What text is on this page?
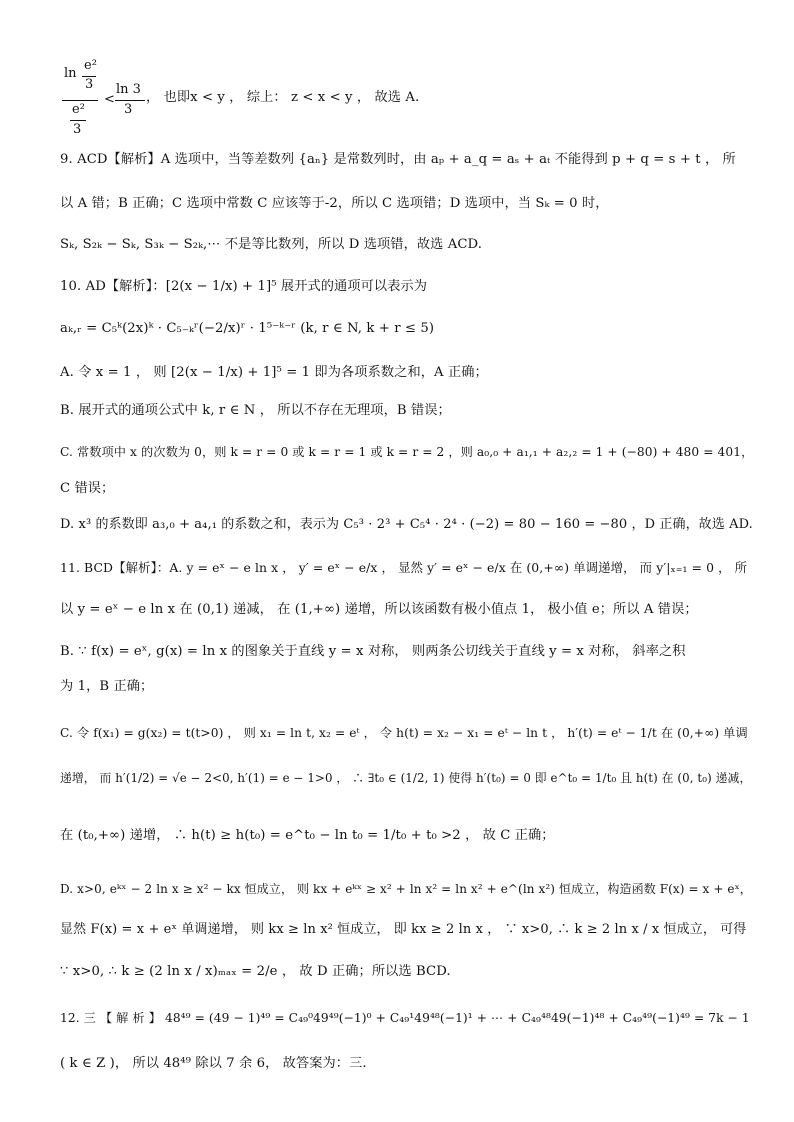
ln
e²
3
e²
3
<
ln 3
3
， 也即x < y ， 综上： z < x < y ， 故选 A.
9. ACD【解析】A 选项中，当等差数列 {aₙ} 是常数列时，由 aₚ + a_q = aₛ + aₜ 不能得到 p + q = s + t ， 所
以 A 错；B 正确；C 选项中常数 C 应该等于-2，所以 C 选项错；D 选项中，当 Sₖ = 0 时，
Sₖ, S₂ₖ − Sₖ, S₃ₖ − S₂ₖ,⋯ 不是等比数列，所以 D 选项错，故选 ACD.
10. AD【解析】：[2(x − 1/x) + 1]⁵ 展开式的通项可以表示为
aₖ,ᵣ = C₅ᵏ(2x)ᵏ · C₅₋ₖʳ(−2/x)ʳ · 1⁵⁻ᵏ⁻ʳ (k, r ∈ N, k + r ≤ 5)
A. 令 x = 1 ， 则 [2(x − 1/x) + 1]⁵ = 1 即为各项系数之和，A 正确；
B. 展开式的通项公式中 k, r ∈ N ， 所以不存在无理项，B 错误；
C. 常数项中 x 的次数为 0，则 k = r = 0 或 k = r = 1 或 k = r = 2 ，则 a₀,₀ + a₁,₁ + a₂,₂ = 1 + (−80) + 480 = 401，
C 错误；
D. x³ 的系数即 a₃,₀ + a₄,₁ 的系数之和，表示为 C₅³ · 2³ + C₅⁴ · 2⁴ · (−2) = 80 − 160 = −80 ，D 正确，故选 AD.
11. BCD【解析】：A. y = eˣ − e ln x ， y′ = eˣ − e/x ， 显然 y′ = eˣ − e/x 在 (0,+∞) 单调递增， 而 y′|ₓ₌₁ = 0 ， 所
以 y = eˣ − e ln x 在 (0,1) 递减， 在 (1,+∞) 递增，所以该函数有极小值点 1， 极小值 e；所以 A 错误；
B. ∵ f(x) = eˣ, g(x) = ln x 的图象关于直线 y = x 对称， 则两条公切线关于直线 y = x 对称， 斜率之积
为 1，B 正确；
C. 令 f(x₁) = g(x₂) = t(t>0) ， 则 x₁ = ln t, x₂ = eᵗ ， 令 h(t) = x₂ − x₁ = eᵗ − ln t ， h′(t) = eᵗ − 1/t 在 (0,+∞) 单调
递增， 而 h′(1/2) = √e − 2<0, h′(1) = e − 1>0 ， ∴ ∃t₀ ∈ (1/2, 1) 使得 h′(t₀) = 0 即 e^t₀ = 1/t₀ 且 h(t) 在 (0, t₀) 递减，
在 (t₀,+∞) 递增， ∴ h(t) ≥ h(t₀) = e^t₀ − ln t₀ = 1/t₀ + t₀ >2 ， 故 C 正确；
D. x>0, eᵏˣ − 2 ln x ≥ x² − kx 恒成立， 则 kx + eᵏˣ ≥ x² + ln x² = ln x² + e^(ln x²) 恒成立，构造函数 F(x) = x + eˣ，
显然 F(x) = x + eˣ 单调递增， 则 kx ≥ ln x² 恒成立， 即 kx ≥ 2 ln x ， ∵ x>0, ∴ k ≥ 2 ln x / x 恒成立， 可得
∵ x>0, ∴ k ≥ (2 ln x / x)ₘₐₓ = 2/e ， 故 D 正确；所以选 BCD.
12. 三 【 解 析 】 48⁴⁹ = (49 − 1)⁴⁹ = C₄₉⁰49⁴⁹(−1)⁰ + C₄₉¹49⁴⁸(−1)¹ + ⋯ + C₄₉⁴⁸49(−1)⁴⁸ + C₄₉⁴⁹(−1)⁴⁹ = 7k − 1
( k ∈ Z )， 所以 48⁴⁹ 除以 7 余 6， 故答案为：三.
